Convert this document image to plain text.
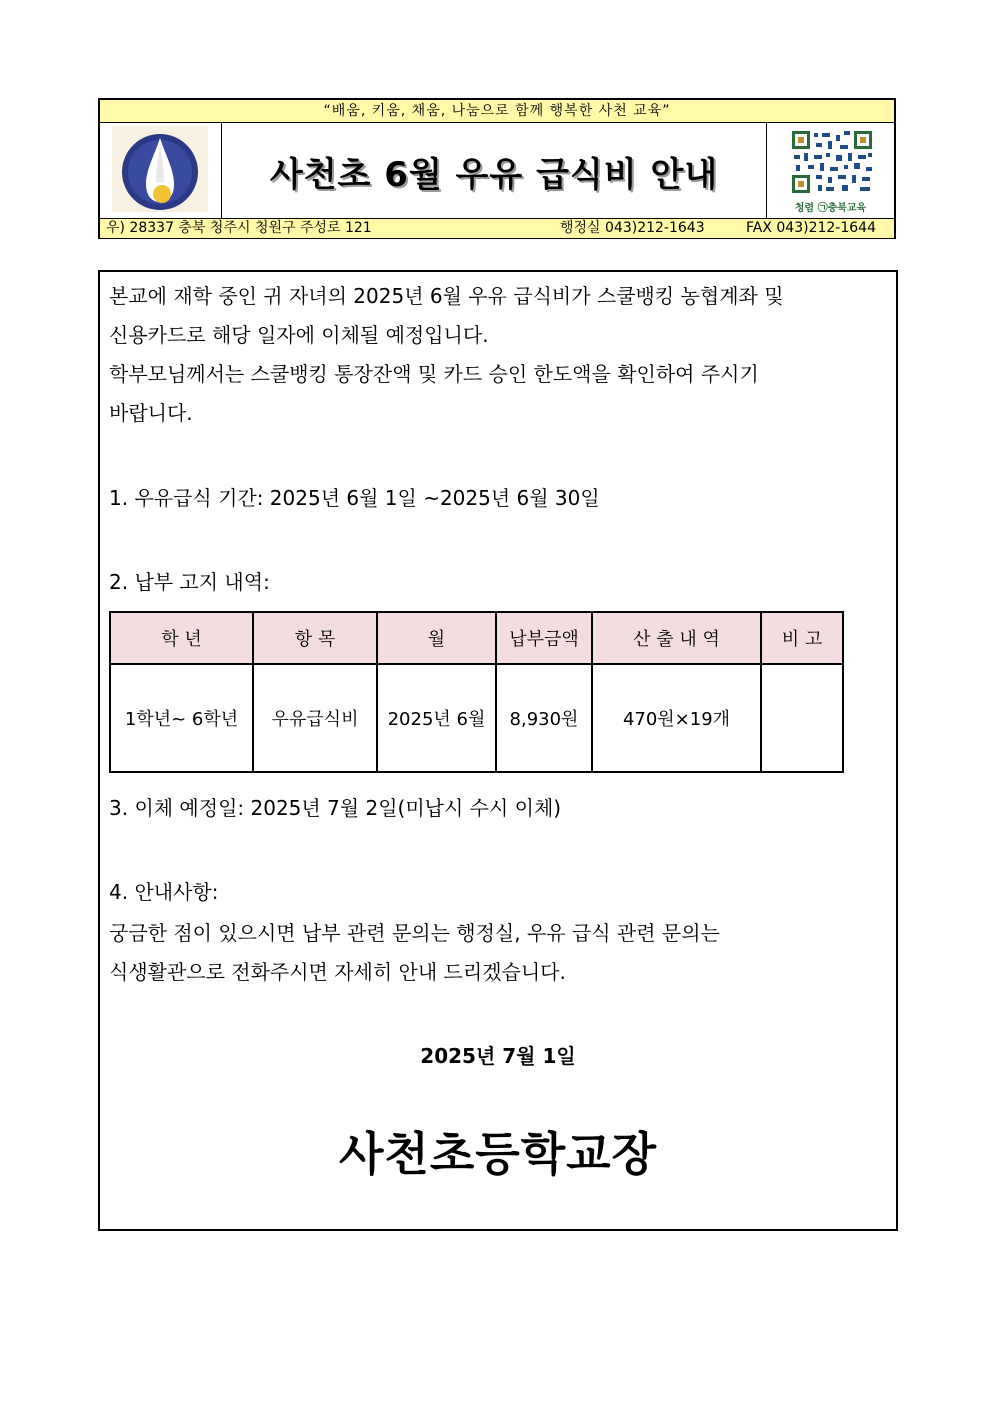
“배움, 키움, 채움, 나눔으로 함께 행복한 사천 교육”
사천초 6월 우유 급식비 안내
청렴 ㉠충북교육
우) 28337 충북 청주시 청원구 주성로 121	행정실 043)212-1643	FAX 043)212-1644
본교에 재학 중인 귀 자녀의 2025년 6월 우유 급식비가 스쿨뱅킹 농협계좌 및
신용카드로 해당 일자에 이체될 예정입니다.
학부모님께서는 스쿨뱅킹 통장잔액 및 카드 승인 한도액을 확인하여 주시기
바랍니다.
1. 우유급식 기간: 2025년 6월 1일 ~2025년 6월 30일
2. 납부 고지 내역:
학 년	항 목	월	납부금액	산 출 내 역	비 고
1학년~ 6학년	우유급식비	2025년 6월	8,930원	470원×19개
3. 이체 예정일: 2025년 7월 2일(미납시 수시 이체)
4. 안내사항:
궁금한 점이 있으시면 납부 관련 문의는 행정실, 우유 급식 관련 문의는
식생활관으로 전화주시면 자세히 안내 드리겠습니다.
2025년 7월 1일
사천초등학교장
